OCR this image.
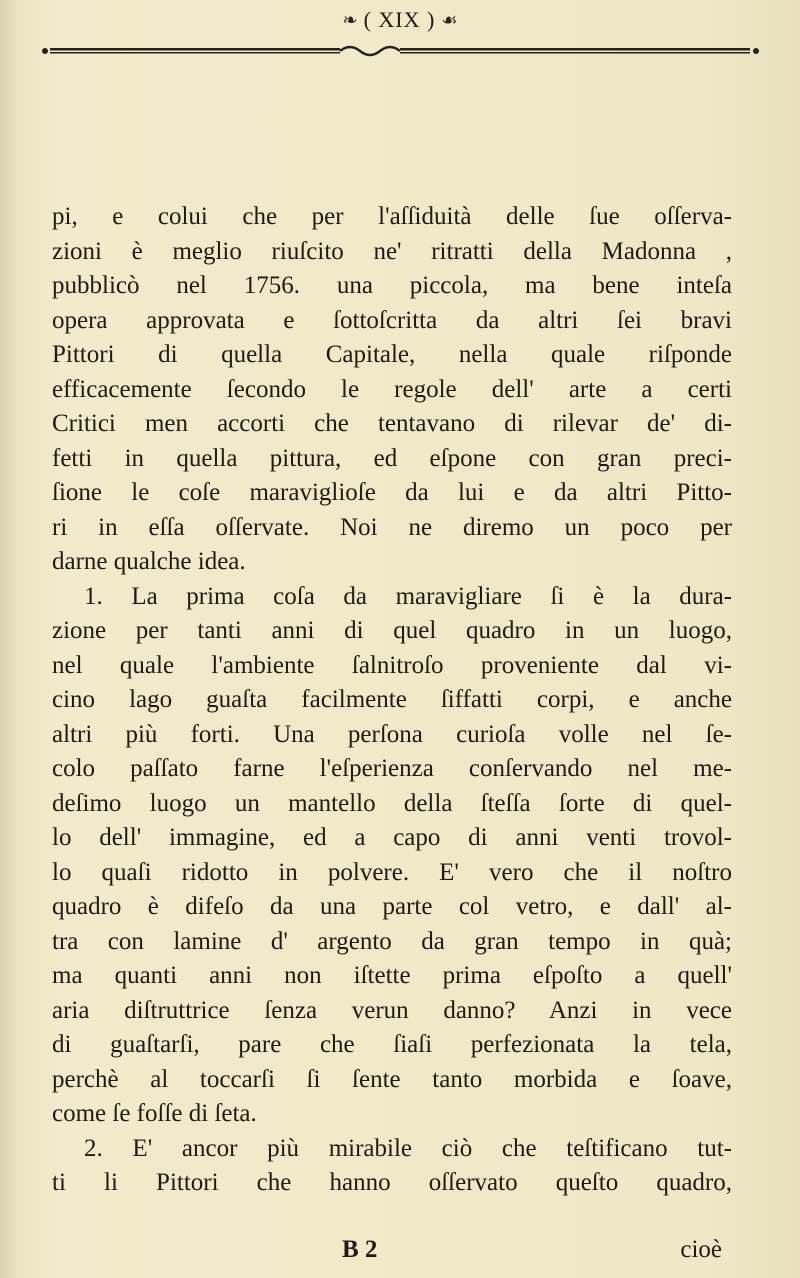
❧ ( XIX ) ☙
pi, e colui che per l'aſſiduità delle ſue oſſerva-
zioni è meglio riuſcito ne' ritratti della Madonna ,
pubblicò nel 1756. una piccola, ma bene inteſa
opera approvata e ſottoſcritta da altri ſei bravi
Pittori di quella Capitale, nella quale riſponde
efficacemente ſecondo le regole dell' arte a certi
Critici men accorti che tentavano di rilevar de' di-
fetti in quella pittura, ed eſpone con gran preci-
ſione le coſe maraviglioſe da lui e da altri Pitto-
ri in eſſa oſſervate. Noi ne diremo un poco per
darne qualche idea.
1. La prima coſa da maravigliare ſi è la dura-
zione per tanti anni di quel quadro in un luogo,
nel quale l'ambiente ſalnitroſo proveniente dal vi-
cino lago guaſta facilmente ſiffatti corpi, e anche
altri più forti. Una perſona curioſa volle nel ſe-
colo paſſato farne l'eſperienza conſervando nel me-
deſimo luogo un mantello della ſteſſa ſorte di quel-
lo dell' immagine, ed a capo di anni venti trovol-
lo quaſi ridotto in polvere. E' vero che il noſtro
quadro è difeſo da una parte col vetro, e dall' al-
tra con lamine d' argento da gran tempo in quà;
ma quanti anni non iſtette prima eſpoſto a quell'
aria diſtruttrice ſenza verun danno? Anzi in vece
di guaſtarſi, pare che ſiaſi perfezionata la tela,
perchè al toccarſi ſi ſente tanto morbida e ſoave,
come ſe foſſe di ſeta.
2. E' ancor più mirabile ciò che teſtificano tut-
ti li Pittori che hanno oſſervato queſto quadro,
B 2	cioè
